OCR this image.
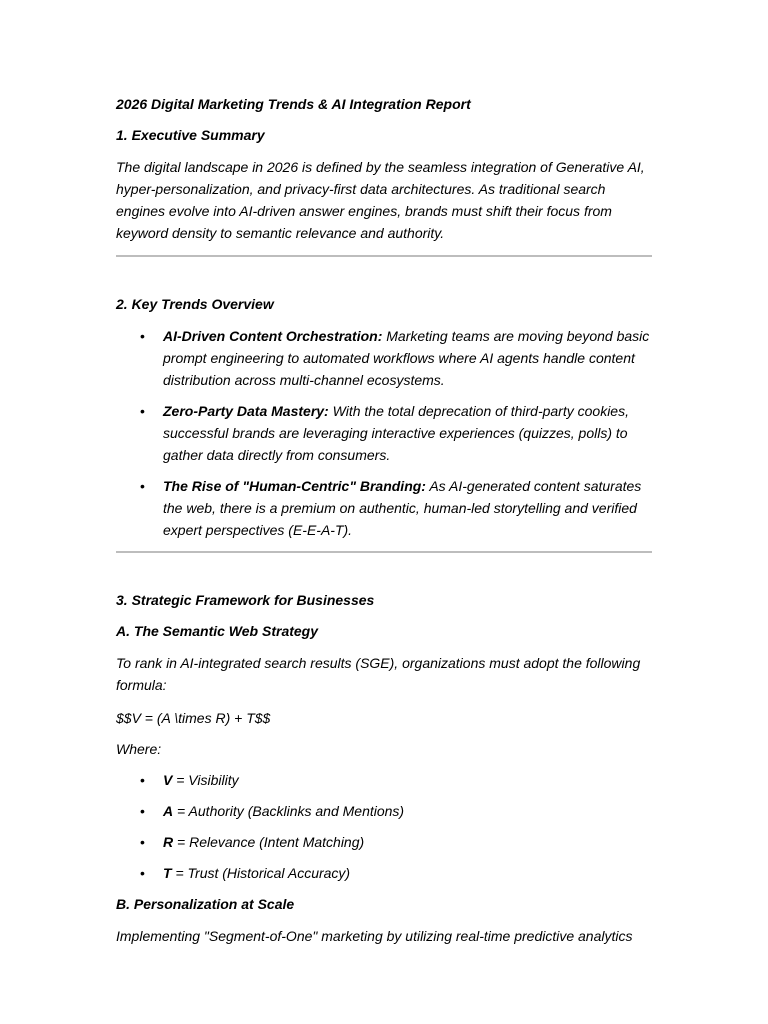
2026 Digital Marketing Trends & AI Integration Report

1. Executive Summary

The digital landscape in 2026 is defined by the seamless integration of Generative AI, hyper-personalization, and privacy-first data architectures. As traditional search engines evolve into AI-driven answer engines, brands must shift their focus from keyword density to semantic relevance and authority.

2. Key Trends Overview

• AI-Driven Content Orchestration: Marketing teams are moving beyond basic prompt engineering to automated workflows where AI agents handle content distribution across multi-channel ecosystems.
• Zero-Party Data Mastery: With the total deprecation of third-party cookies, successful brands are leveraging interactive experiences (quizzes, polls) to gather data directly from consumers.
• The Rise of "Human-Centric" Branding: As AI-generated content saturates the web, there is a premium on authentic, human-led storytelling and verified expert perspectives (E-E-A-T).

3. Strategic Framework for Businesses

A. The Semantic Web Strategy

To rank in AI-integrated search results (SGE), organizations must adopt the following formula:

$$V = (A \times R) + T$$

Where:

• V = Visibility
• A = Authority (Backlinks and Mentions)
• R = Relevance (Intent Matching)
• T = Trust (Historical Accuracy)

B. Personalization at Scale

Implementing "Segment-of-One" marketing by utilizing real-time predictive analytics
